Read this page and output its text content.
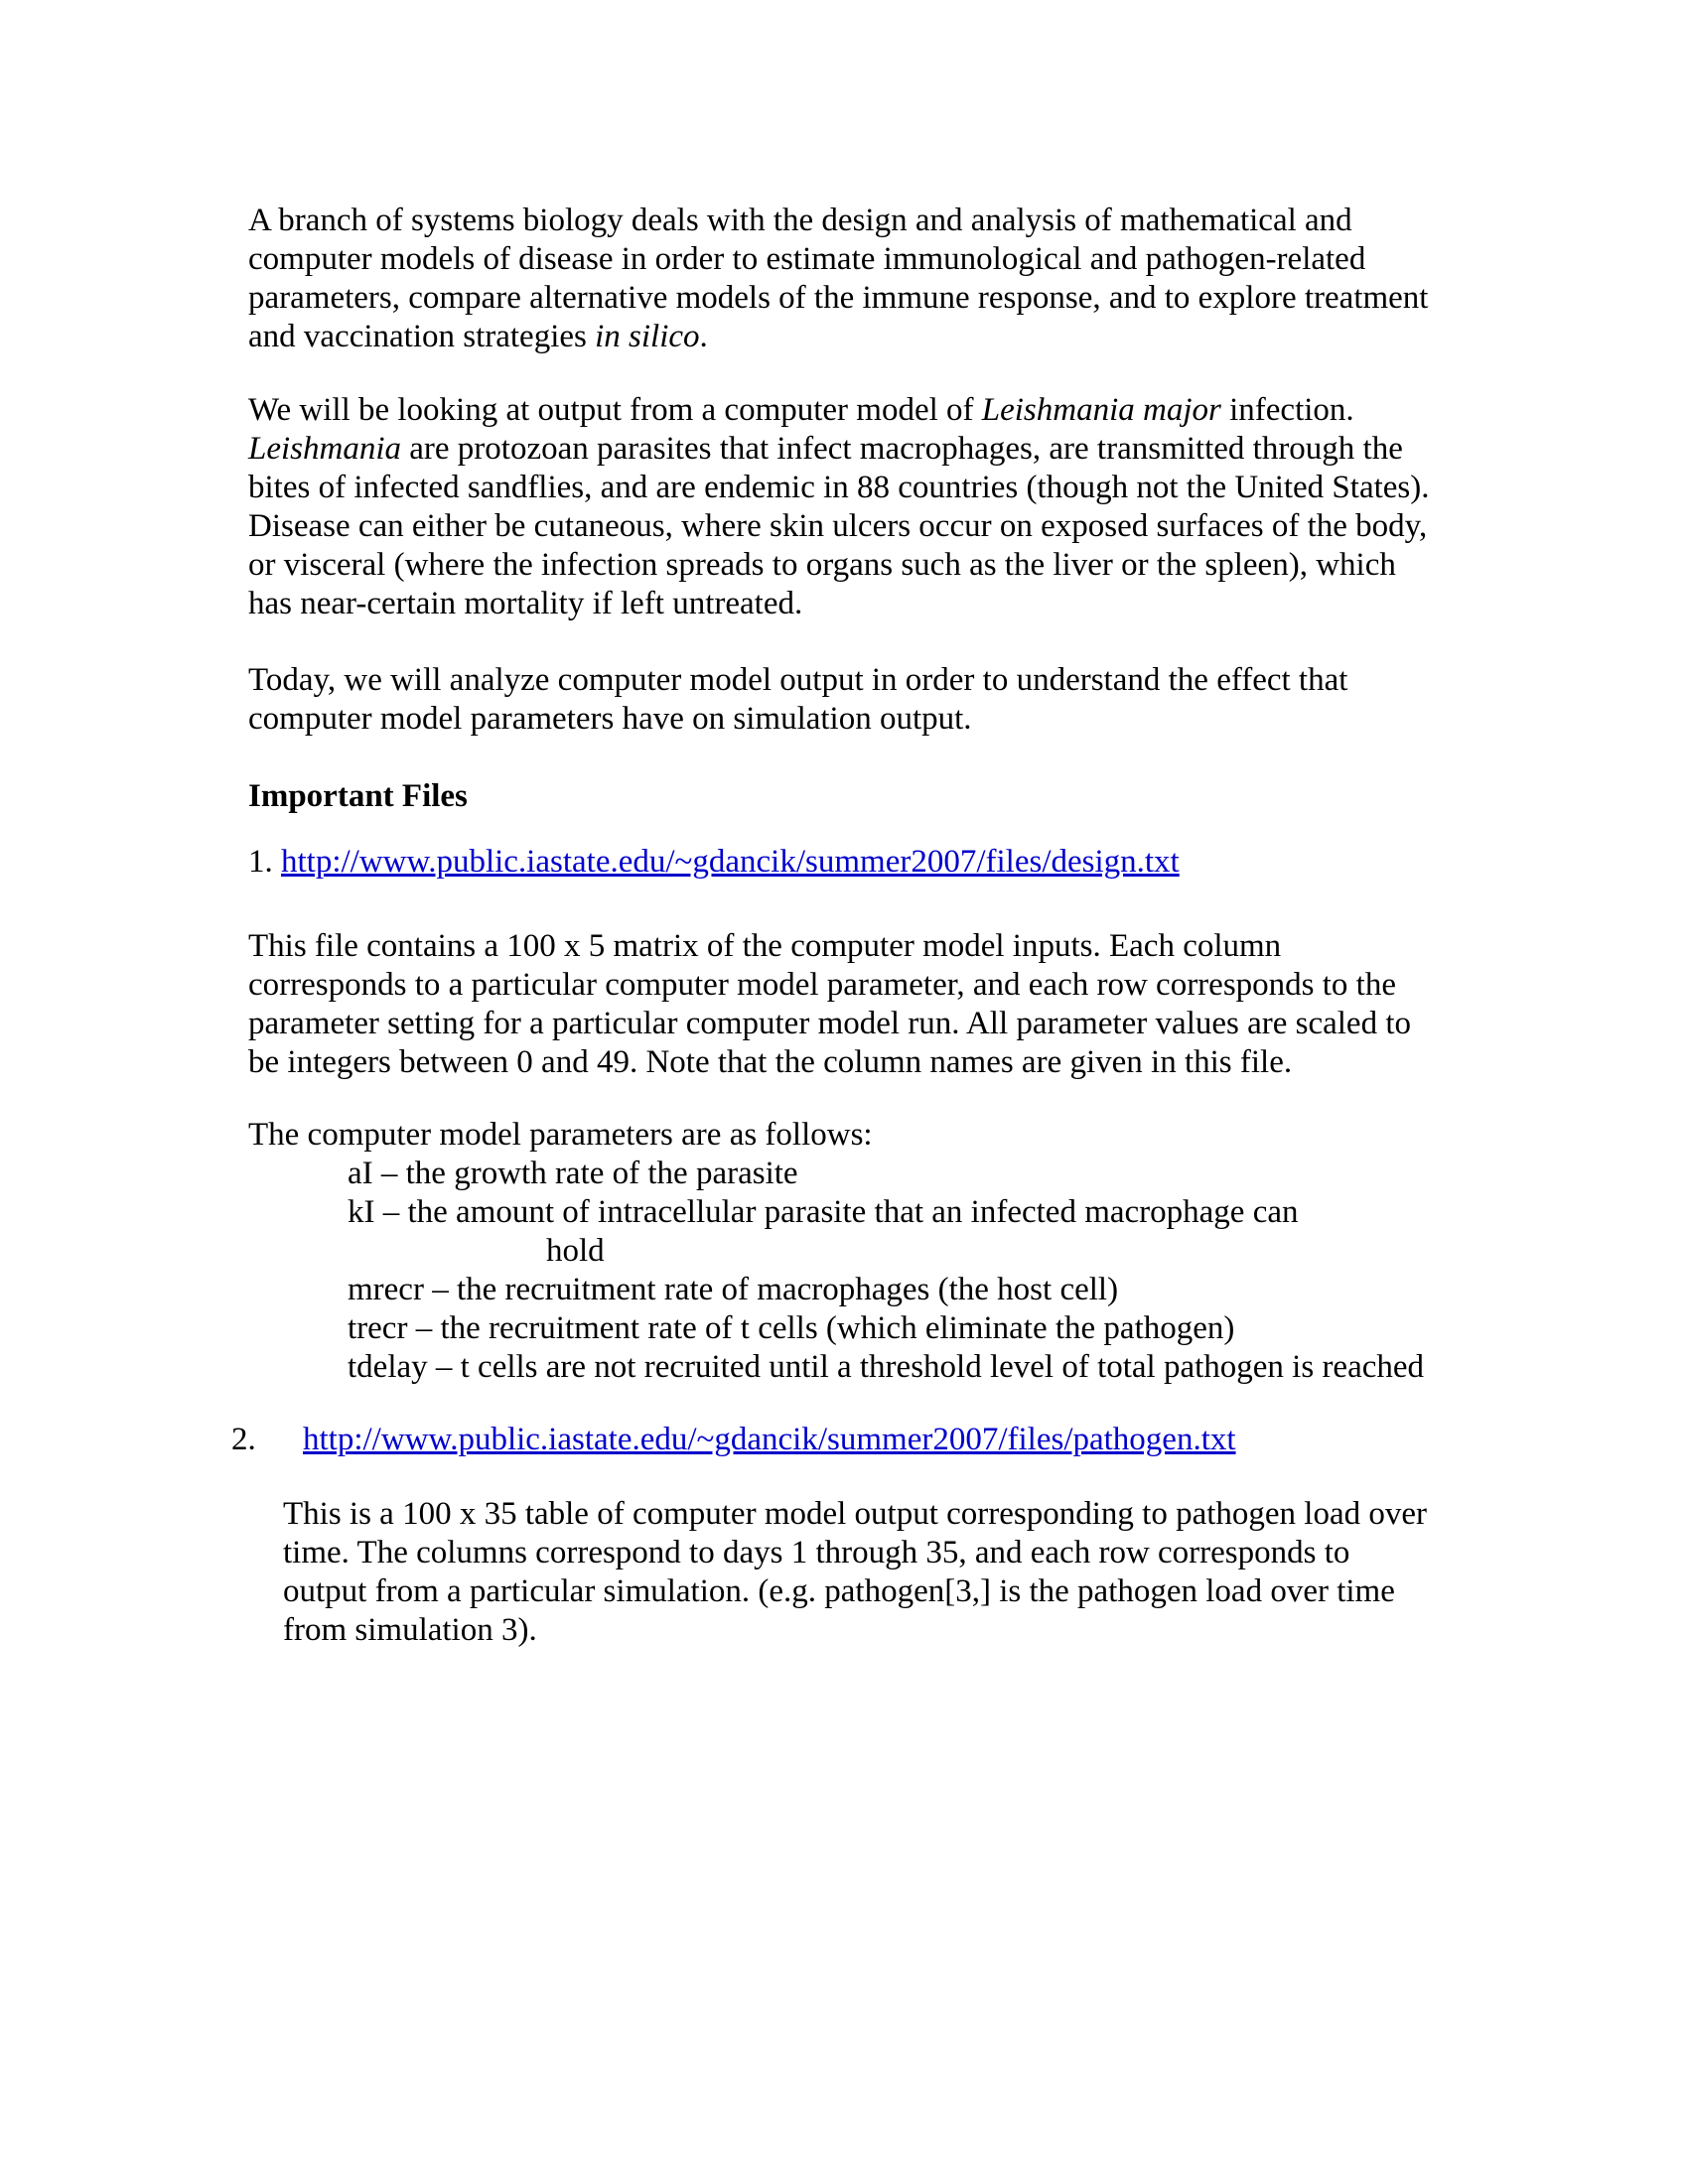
A branch of systems biology deals with the design and analysis of mathematical and computer models of disease in order to estimate immunological and pathogen-related parameters, compare alternative models of the immune response, and to explore treatment and vaccination strategies in silico.

We will be looking at output from a computer model of Leishmania major infection. Leishmania are protozoan parasites that infect macrophages, are transmitted through the bites of infected sandflies, and are endemic in 88 countries (though not the United States). Disease can either be cutaneous, where skin ulcers occur on exposed surfaces of the body, or visceral (where the infection spreads to organs such as the liver or the spleen), which has near-certain mortality if left untreated.

Today, we will analyze computer model output in order to understand the effect that computer model parameters have on simulation output.

Important Files

1. http://www.public.iastate.edu/~gdancik/summer2007/files/design.txt

This file contains a 100 x 5 matrix of the computer model inputs. Each column corresponds to a particular computer model parameter, and each row corresponds to the parameter setting for a particular computer model run. All parameter values are scaled to be integers between 0 and 49. Note that the column names are given in this file.

The computer model parameters are as follows:
aI – the growth rate of the parasite
kI – the amount of intracellular parasite that an infected macrophage can
hold
mrecr – the recruitment rate of macrophages (the host cell)
trecr – the recruitment rate of t cells (which eliminate the pathogen)
tdelay – t cells are not recruited until a threshold level of total pathogen is reached

2. http://www.public.iastate.edu/~gdancik/summer2007/files/pathogen.txt

This is a 100 x 35 table of computer model output corresponding to pathogen load over time. The columns correspond to days 1 through 35, and each row corresponds to output from a particular simulation. (e.g. pathogen[3,] is the pathogen load over time from simulation 3).
